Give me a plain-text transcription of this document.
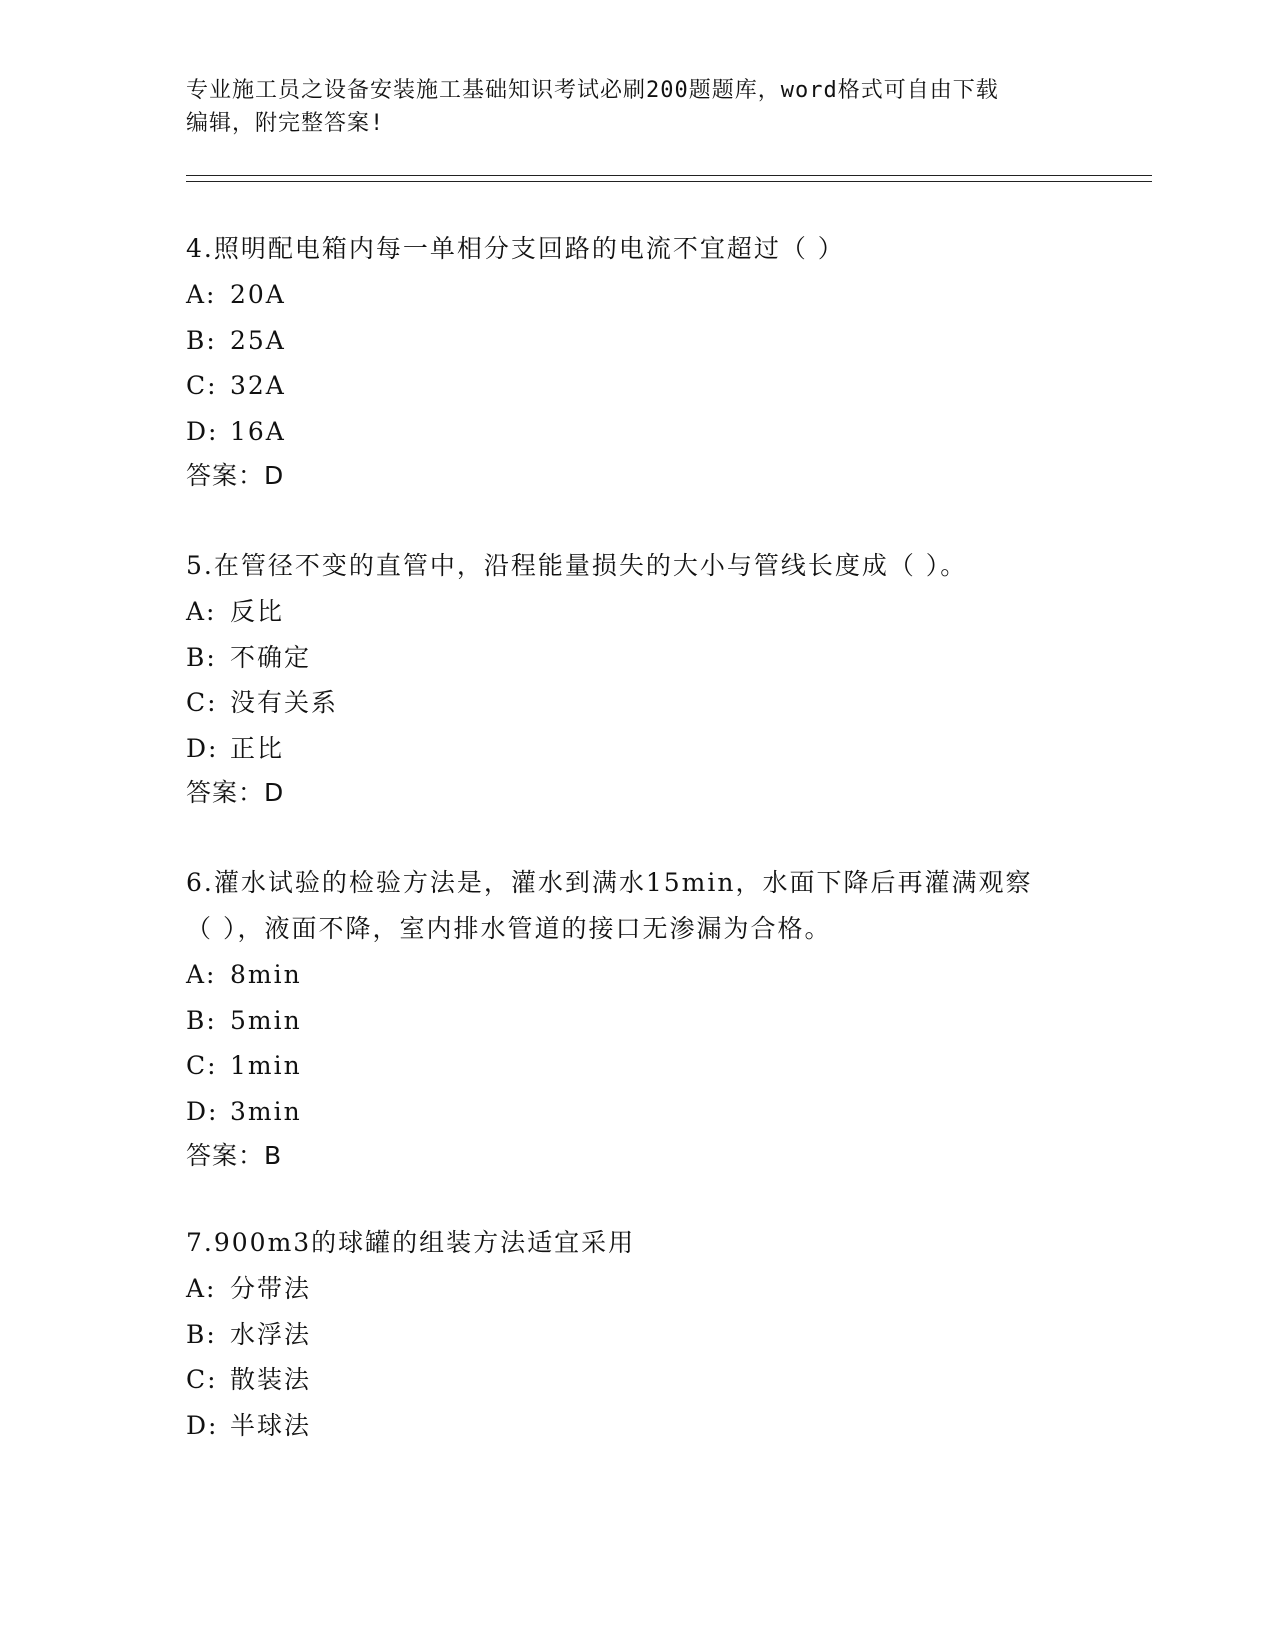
专业施工员之设备安装施工基础知识考试必刷200题题库，word格式可自由下载
编辑，附完整答案!
4.照明配电箱内每一单相分支回路的电流不宜超过（ ）
A: 20A
B: 25A
C: 32A
D: 16A
答案：D
5.在管径不变的直管中，沿程能量损失的大小与管线长度成（ ）。
A: 反比
B: 不确定
C: 没有关系
D: 正比
答案：D
6.灌水试验的检验方法是，灌水到满水15min，水面下降后再灌满观察
（ ），液面不降，室内排水管道的接口无渗漏为合格。
A: 8min
B: 5min
C: 1min
D: 3min
答案：B
7.900m3的球罐的组装方法适宜采用
A: 分带法
B: 水浮法
C: 散装法
D: 半球法
